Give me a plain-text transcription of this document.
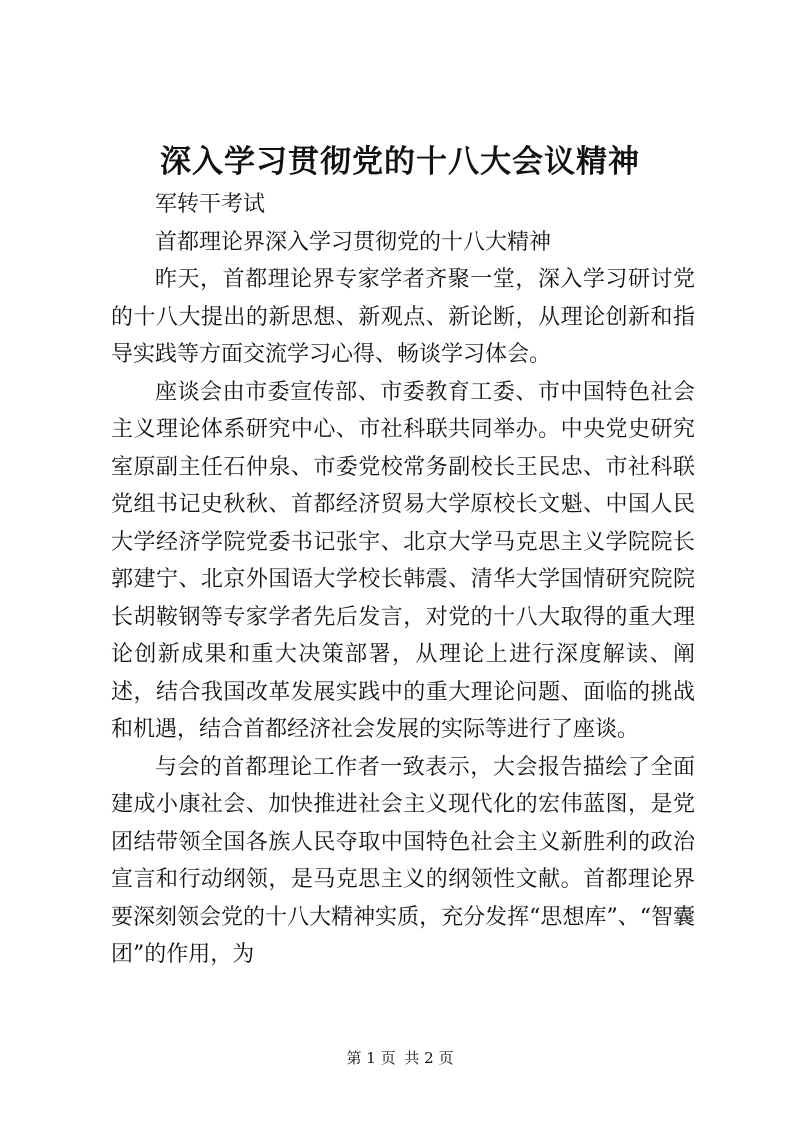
深入学习贯彻党的十八大会议精神

军转干考试

首都理论界深入学习贯彻党的十八大精神

昨天，首都理论界专家学者齐聚一堂，深入学习研讨党的十八大提出的新思想、新观点、新论断，从理论创新和指导实践等方面交流学习心得、畅谈学习体会。

座谈会由市委宣传部、市委教育工委、市中国特色社会主义理论体系研究中心、市社科联共同举办。中央党史研究室原副主任石仲泉、市委党校常务副校长王民忠、市社科联党组书记史秋秋、首都经济贸易大学原校长文魁、中国人民大学经济学院党委书记张宇、北京大学马克思主义学院院长郭建宁、北京外国语大学校长韩震、清华大学国情研究院院长胡鞍钢等专家学者先后发言，对党的十八大取得的重大理论创新成果和重大决策部署，从理论上进行深度解读、阐述，结合我国改革发展实践中的重大理论问题、面临的挑战和机遇，结合首都经济社会发展的实际等进行了座谈。

与会的首都理论工作者一致表示，大会报告描绘了全面建成小康社会、加快推进社会主义现代化的宏伟蓝图，是党团结带领全国各族人民夺取中国特色社会主义新胜利的政治宣言和行动纲领，是马克思主义的纲领性文献。首都理论界要深刻领会党的十八大精神实质，充分发挥“思想库”、“智囊团”的作用，为

第 1 页 共 2 页
